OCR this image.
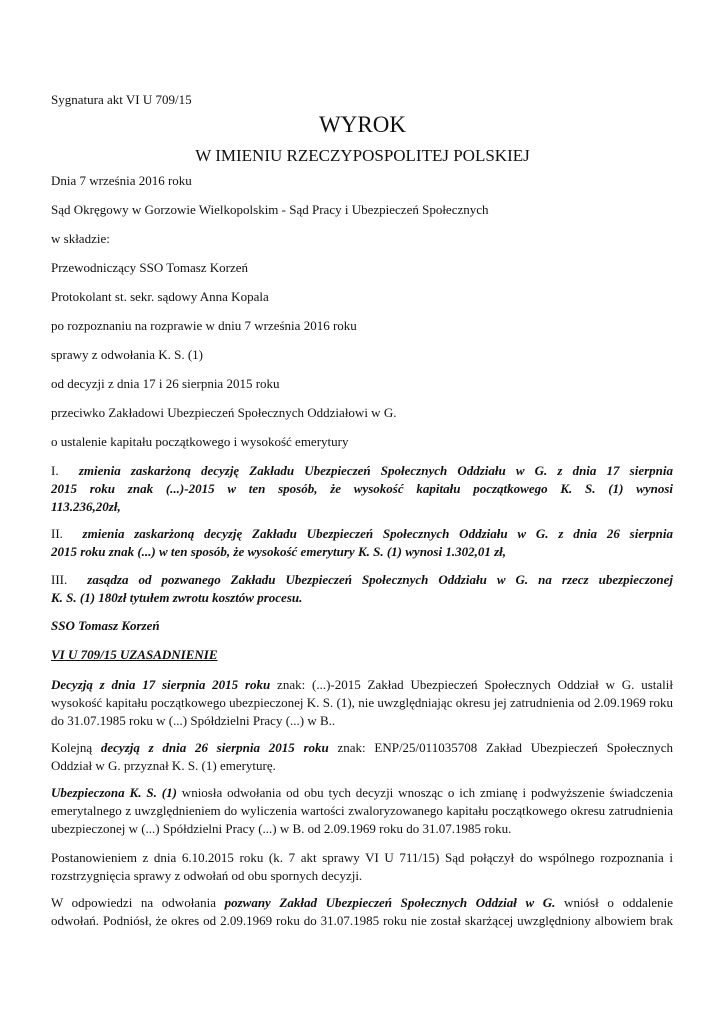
Sygnatura akt VI U 709/15
WYROK
W IMIENIU RZECZYPOSPOLITEJ POLSKIEJ
Dnia 7 września 2016 roku
Sąd Okręgowy w Gorzowie Wielkopolskim - Sąd Pracy i Ubezpieczeń Społecznych
w składzie:
Przewodniczący SSO Tomasz Korzeń
Protokolant st. sekr. sądowy Anna Kopala
po rozpoznaniu na rozprawie w dniu 7 września 2016 roku
sprawy z odwołania K. S. (1)
od decyzji z dnia 17 i 26 sierpnia 2015 roku
przeciwko Zakładowi Ubezpieczeń Społecznych Oddziałowi w G.
o ustalenie kapitału początkowego i wysokość emerytury
I. zmienia zaskarżoną decyzję Zakładu Ubezpieczeń Społecznych Oddziału w G. z dnia 17 sierpnia
2015 roku znak (...)-2015 w ten sposób, że wysokość kapitału początkowego K. S. (1) wynosi
113.236,20zł,
II. zmienia zaskarżoną decyzję Zakładu Ubezpieczeń Społecznych Oddziału w G. z dnia 26 sierpnia
2015 roku znak (...) w ten sposób, że wysokość emerytury K. S. (1) wynosi 1.302,01 zł,
III. zasądza od pozwanego Zakładu Ubezpieczeń Społecznych Oddziału w G. na rzecz ubezpieczonej
K. S. (1) 180zł tytułem zwrotu kosztów procesu.
SSO Tomasz Korzeń
VI U 709/15 UZASADNIENIE
Decyzją z dnia 17 sierpnia 2015 roku znak: (...)-2015 Zakład Ubezpieczeń Społecznych Oddział w G. ustalił
wysokość kapitału początkowego ubezpieczonej K. S. (1), nie uwzględniając okresu jej zatrudnienia od 2.09.1969 roku
do 31.07.1985 roku w (...) Spółdzielni Pracy (...) w B..
Kolejną decyzją z dnia 26 sierpnia 2015 roku znak: ENP/25/011035708 Zakład Ubezpieczeń Społecznych
Oddział w G. przyznał K. S. (1) emeryturę.
Ubezpieczona K. S. (1) wniosła odwołania od obu tych decyzji wnosząc o ich zmianę i podwyższenie świadczenia
emerytalnego z uwzględnieniem do wyliczenia wartości zwaloryzowanego kapitału początkowego okresu zatrudnienia
ubezpieczonej w (...) Spółdzielni Pracy (...) w B. od 2.09.1969 roku do 31.07.1985 roku.
Postanowieniem z dnia 6.10.2015 roku (k. 7 akt sprawy VI U 711/15) Sąd połączył do wspólnego rozpoznania i
rozstrzygnięcia sprawy z odwołań od obu spornych decyzji.
W odpowiedzi na odwołania pozwany Zakład Ubezpieczeń Społecznych Oddział w G. wniósł o oddalenie
odwołań. Podniósł, że okres od 2.09.1969 roku do 31.07.1985 roku nie został skarżącej uwzględniony albowiem brak
